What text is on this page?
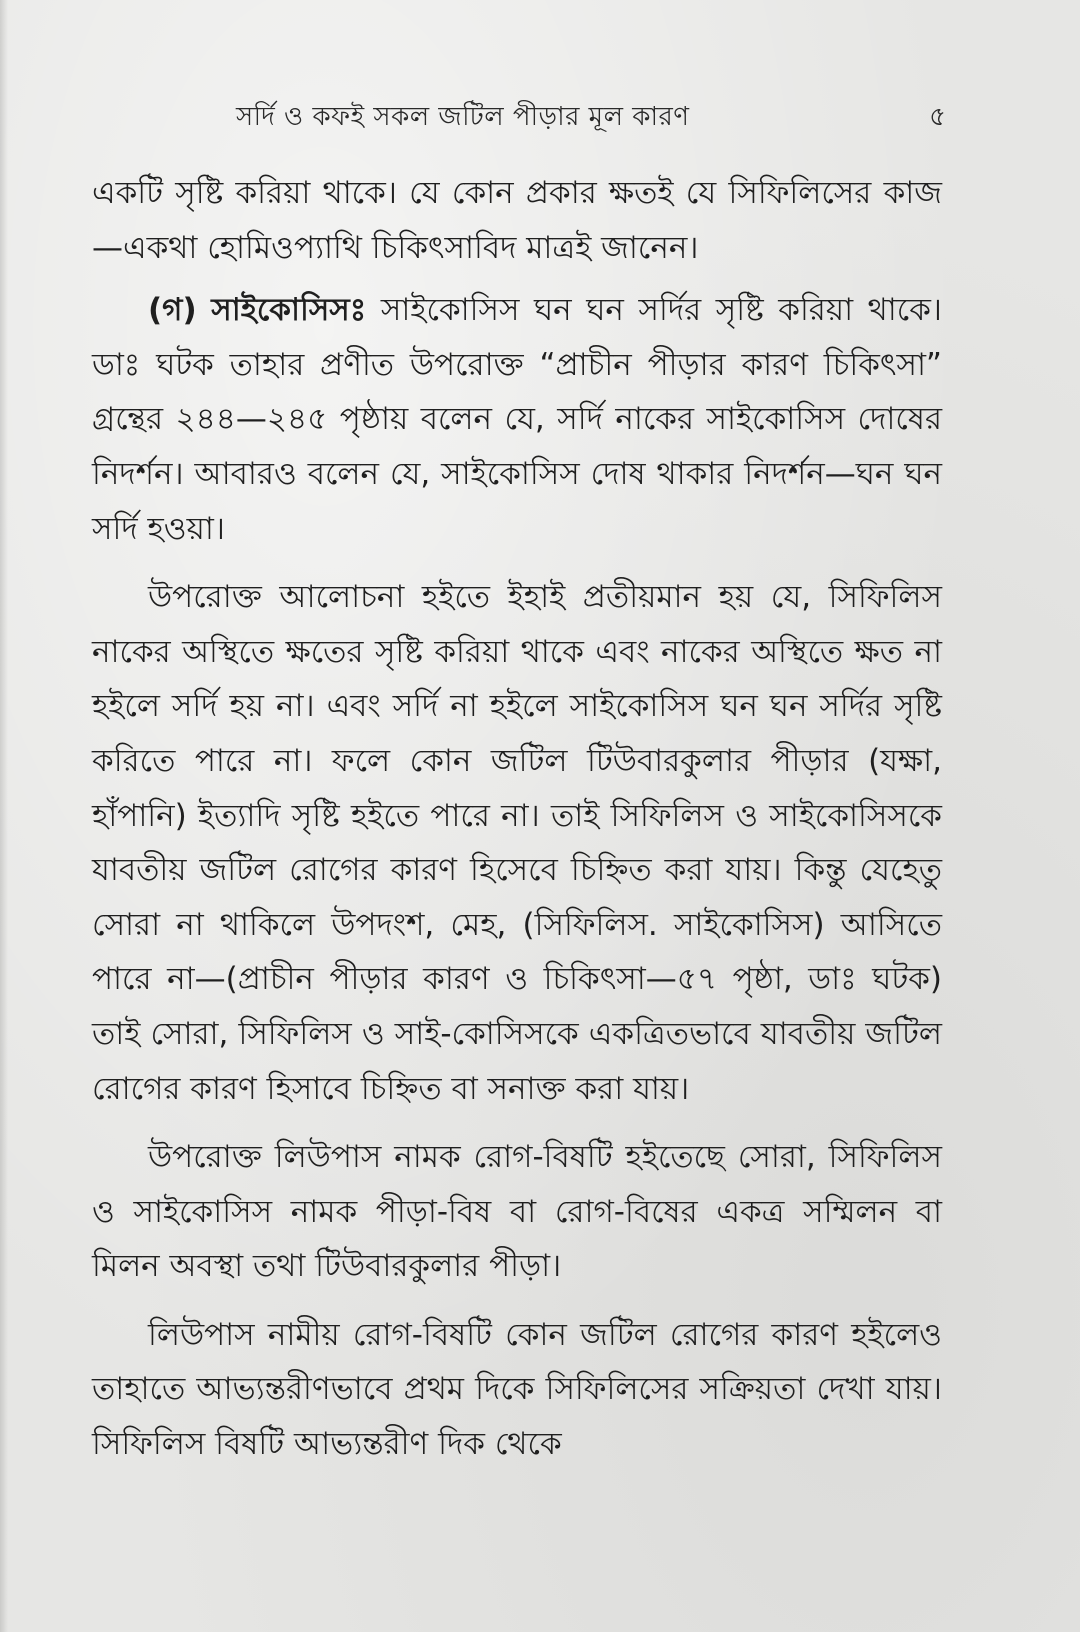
সর্দি ও কফই সকল জটিল পীড়ার মূল কারণ	৫

একটি সৃষ্টি করিয়া থাকে। যে কোন প্রকার ক্ষতই যে সিফিলিসের কাজ—একথা হোমিওপ্যাথি চিকিৎসাবিদ মাত্রই জানেন।

(গ) সাইকোসিসঃ সাইকোসিস ঘন ঘন সর্দির সৃষ্টি করিয়া থাকে। ডাঃ ঘটক তাহার প্রণীত উপরোক্ত “প্রাচীন পীড়ার কারণ চিকিৎসা” গ্রন্থের ২৪৪—২৪৫ পৃষ্ঠায় বলেন যে, সর্দি নাকের সাইকোসিস দোষের নিদর্শন। আবারও বলেন যে, সাইকোসিস দোষ থাকার নিদর্শন—ঘন ঘন সর্দি হওয়া।

উপরোক্ত আলোচনা হইতে ইহাই প্রতীয়মান হয় যে, সিফিলিস নাকের অস্থিতে ক্ষতের সৃষ্টি করিয়া থাকে এবং নাকের অস্থিতে ক্ষত না হইলে সর্দি হয় না। এবং সর্দি না হইলে সাইকোসিস ঘন ঘন সর্দির সৃষ্টি করিতে পারে না। ফলে কোন জটিল টিউবারকুলার পীড়ার (যক্ষা, হাঁপানি) ইত্যাদি সৃষ্টি হইতে পারে না। তাই সিফিলিস ও সাইকোসিসকে যাবতীয় জটিল রোগের কারণ হিসেবে চিহ্নিত করা যায়। কিন্তু যেহেতু সোরা না থাকিলে উপদংশ, মেহ, (সিফিলিস. সাইকোসিস) আসিতে পারে না—(প্রাচীন পীড়ার কারণ ও চিকিৎসা—৫৭ পৃষ্ঠা, ডাঃ ঘটক) তাই সোরা, সিফিলিস ও সাই-কোসিসকে একত্রিতভাবে যাবতীয় জটিল রোগের কারণ হিসাবে চিহ্নিত বা সনাক্ত করা যায়।

উপরোক্ত লিউপাস নামক রোগ-বিষটি হইতেছে সোরা, সিফিলিস ও সাইকোসিস নামক পীড়া-বিষ বা রোগ-বিষের একত্র সম্মিলন বা মিলন অবস্থা তথা টিউবারকুলার পীড়া।

লিউপাস নামীয় রোগ-বিষটি কোন জটিল রোগের কারণ হইলেও তাহাতে আভ্যন্তরীণভাবে প্রথম দিকে সিফিলিসের সক্রিয়তা দেখা যায়। সিফিলিস বিষটি আভ্যন্তরীণ দিক থেকে
